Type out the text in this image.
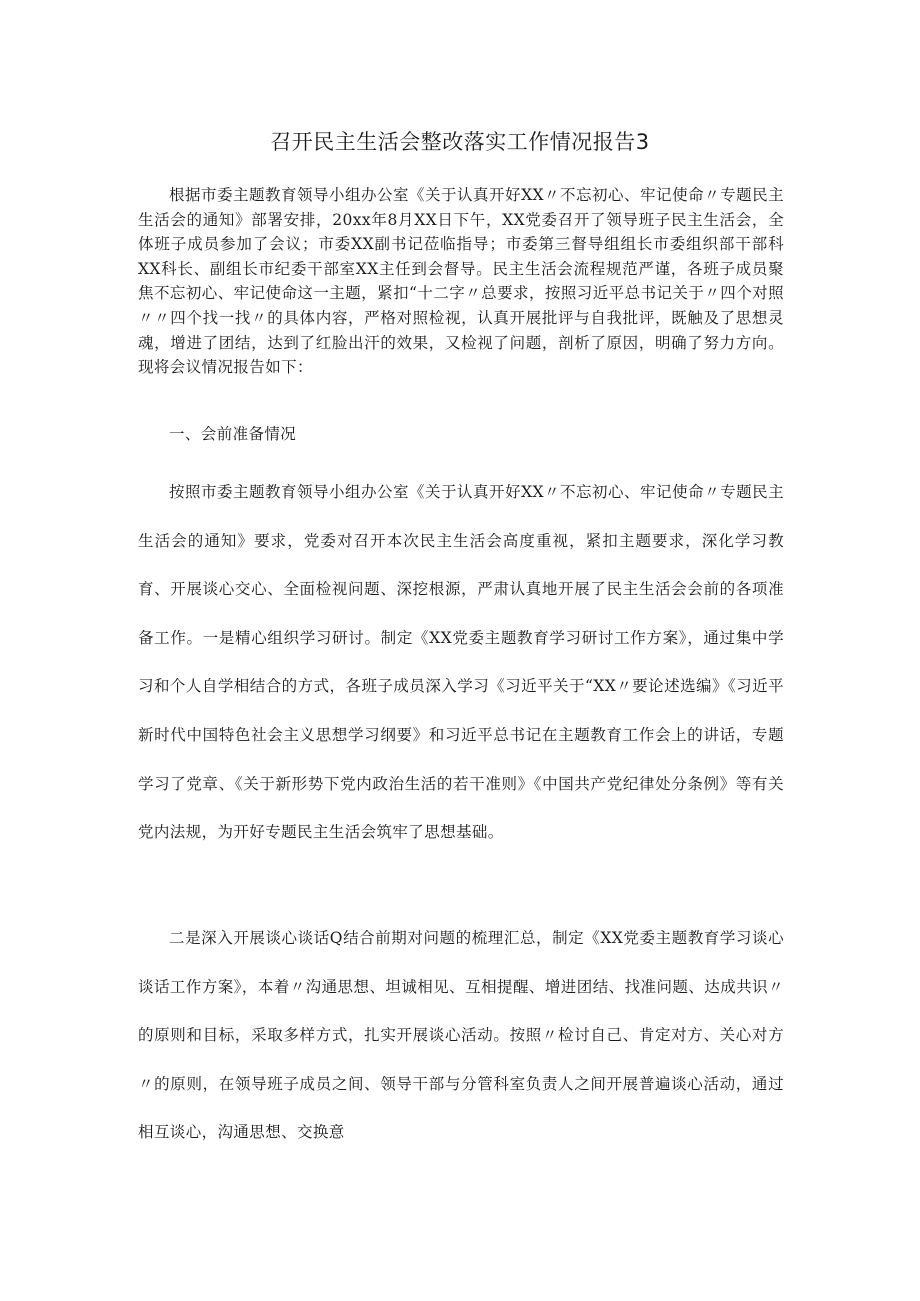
召开民主生活会整改落实工作情况报告3

根据市委主题教育领导小组办公室《关于认真开好XX〃不忘初心、牢记使命〃专题民主生活会的通知》部署安排，20xx年8月XX日下午，XX党委召开了领导班子民主生活会，全体班子成员参加了会议；市委XX副书记莅临指导；市委第三督导组组长市委组织部干部科XX科长、副组长市纪委干部室XX主任到会督导。民主生活会流程规范严谨，各班子成员聚焦不忘初心、牢记使命这一主题，紧扣“十二字〃总要求，按照习近平总书记关于〃四个对照〃〃四个找一找〃的具体内容，严格对照检视，认真开展批评与自我批评，既触及了思想灵魂，增进了团结，达到了红脸出汗的效果，又检视了问题，剖析了原因，明确了努力方向。现将会议情况报告如下：

一、会前准备情况

按照市委主题教育领导小组办公室《关于认真开好XX〃不忘初心、牢记使命〃专题民主生活会的通知》要求，党委对召开本次民主生活会高度重视，紧扣主题要求，深化学习教育、开展谈心交心、全面检视问题、深挖根源，严肃认真地开展了民主生活会会前的各项准备工作。一是精心组织学习研讨。制定《XX党委主题教育学习研讨工作方案》，通过集中学习和个人自学相结合的方式，各班子成员深入学习《习近平关于“XX〃要论述选编》《习近平新时代中国特色社会主义思想学习纲要》和习近平总书记在主题教育工作会上的讲话，专题学习了党章、《关于新形势下党内政治生活的若干准则》《中国共产党纪律处分条例》等有关党内法规，为开好专题民主生活会筑牢了思想基础。

二是深入开展谈心谈话Q结合前期对问题的梳理汇总，制定《XX党委主题教育学习谈心谈话工作方案》，本着〃沟通思想、坦诚相见、互相提醒、增进团结、找准问题、达成共识〃的原则和目标，采取多样方式，扎实开展谈心活动。按照〃检讨自己、肯定对方、关心对方〃的原则，在领导班子成员之间、领导干部与分管科室负责人之间开展普遍谈心活动，通过相互谈心，沟通思想、交换意
